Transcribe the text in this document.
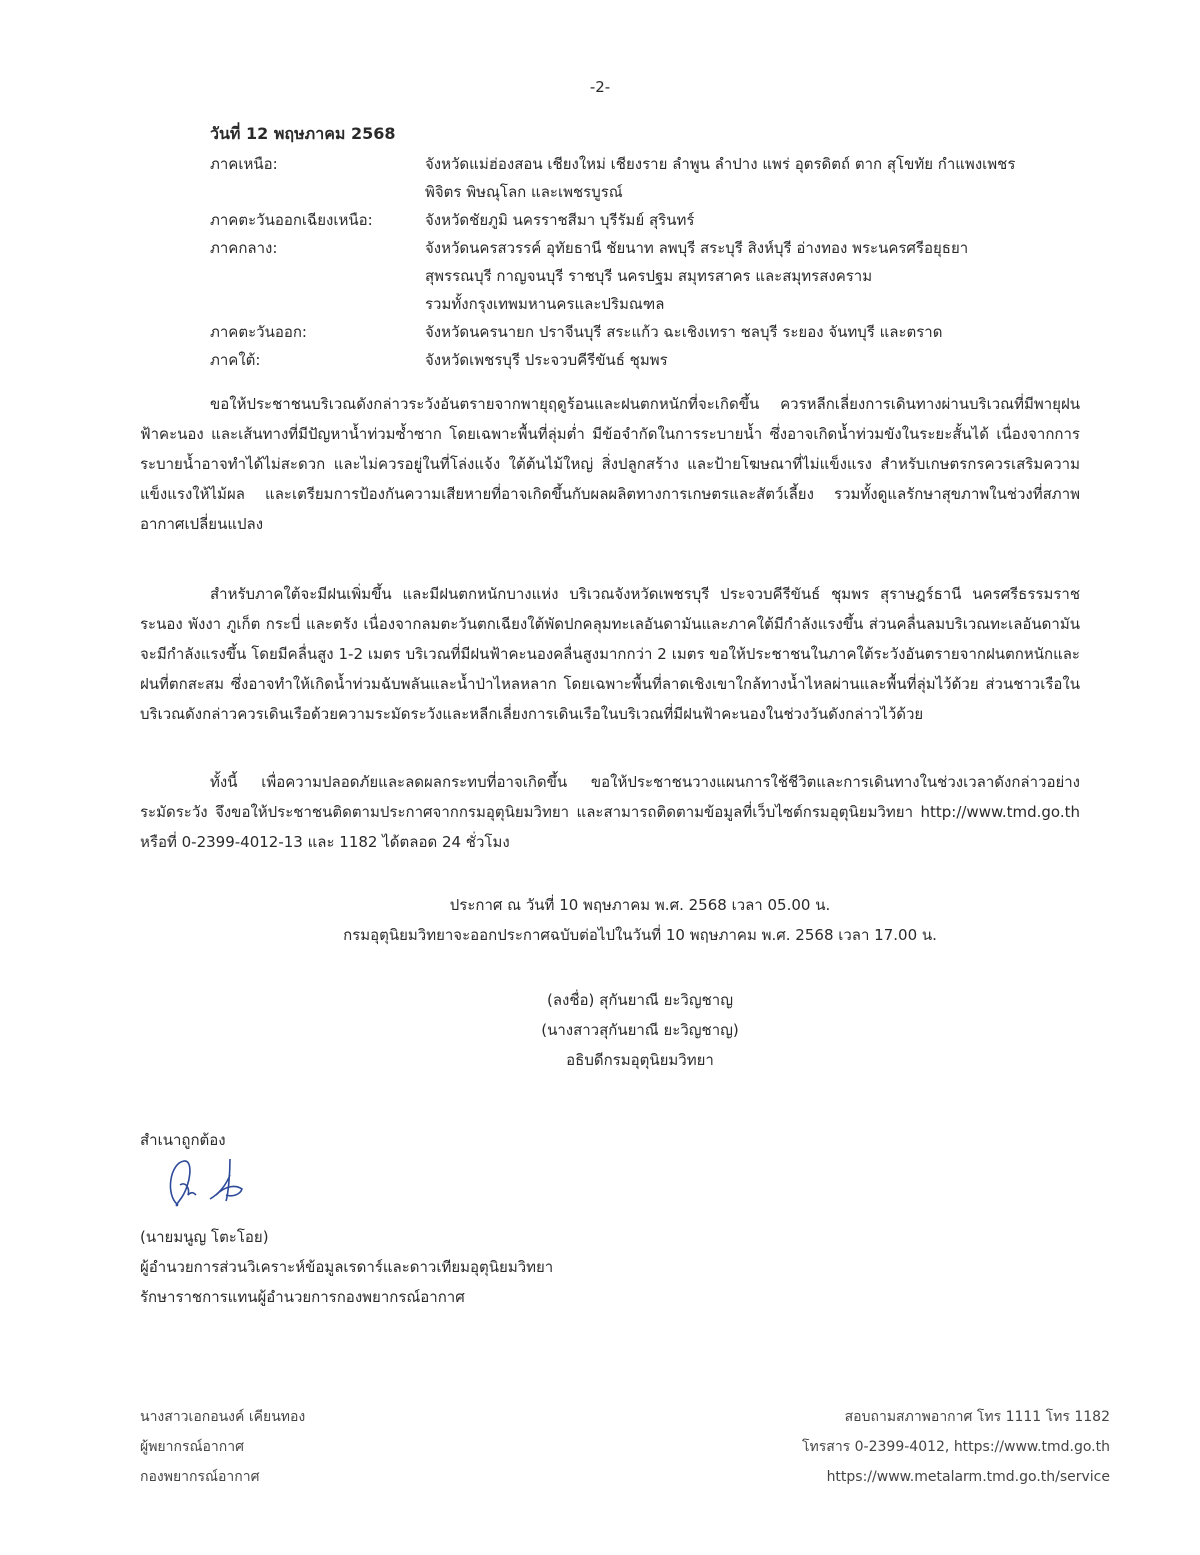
-2-
วันที่ 12 พฤษภาคม 2568
ภาคเหนือ:	จังหวัดแม่ฮ่องสอน เชียงใหม่ เชียงราย ลำพูน ลำปาง แพร่ อุตรดิตถ์ ตาก สุโขทัย กำแพงเพชร
พิจิตร พิษณุโลก และเพชรบูรณ์
ภาคตะวันออกเฉียงเหนือ:	จังหวัดชัยภูมิ นครราชสีมา บุรีรัมย์ สุรินทร์
ภาคกลาง:	จังหวัดนครสวรรค์ อุทัยธานี ชัยนาท ลพบุรี สระบุรี สิงห์บุรี อ่างทอง พระนครศรีอยุธยา
สุพรรณบุรี กาญจนบุรี ราชบุรี นครปฐม สมุทรสาคร และสมุทรสงคราม
รวมทั้งกรุงเทพมหานครและปริมณฑล
ภาคตะวันออก:	จังหวัดนครนายก ปราจีนบุรี สระแก้ว ฉะเชิงเทรา ชลบุรี ระยอง จันทบุรี และตราด
ภาคใต้:	จังหวัดเพชรบุรี ประจวบคีรีขันธ์ ชุมพร

ขอให้ประชาชนบริเวณดังกล่าวระวังอันตรายจากพายุฤดูร้อนและฝนตกหนักที่จะเกิดขึ้น ควรหลีกเลี่ยงการเดินทางผ่านบริเวณที่มีพายุฝนฟ้าคะนอง และเส้นทางที่มีปัญหาน้ำท่วมซ้ำซาก โดยเฉพาะพื้นที่ลุ่มต่ำ มีข้อจำกัดในการระบายน้ำ ซึ่งอาจเกิดน้ำท่วมขังในระยะสั้นได้ เนื่องจากการระบายน้ำอาจทำได้ไม่สะดวก และไม่ควรอยู่ในที่โล่งแจ้ง ใต้ต้นไม้ใหญ่ สิ่งปลูกสร้าง และป้ายโฆษณาที่ไม่แข็งแรง สำหรับเกษตรกรควรเสริมความแข็งแรงให้ไม้ผล และเตรียมการป้องกันความเสียหายที่อาจเกิดขึ้นกับผลผลิตทางการเกษตรและสัตว์เลี้ยง รวมทั้งดูแลรักษาสุขภาพในช่วงที่สภาพอากาศเปลี่ยนแปลง

สำหรับภาคใต้จะมีฝนเพิ่มขึ้น และมีฝนตกหนักบางแห่ง บริเวณจังหวัดเพชรบุรี ประจวบคีรีขันธ์ ชุมพร สุราษฎร์ธานี นครศรีธรรมราช ระนอง พังงา ภูเก็ต กระบี่ และตรัง เนื่องจากลมตะวันตกเฉียงใต้พัดปกคลุมทะเลอันดามันและภาคใต้มีกำลังแรงขึ้น ส่วนคลื่นลมบริเวณทะเลอันดามันจะมีกำลังแรงขึ้น โดยมีคลื่นสูง 1-2 เมตร บริเวณที่มีฝนฟ้าคะนองคลื่นสูงมากกว่า 2 เมตร ขอให้ประชาชนในภาคใต้ระวังอันตรายจากฝนตกหนักและฝนที่ตกสะสม ซึ่งอาจทำให้เกิดน้ำท่วมฉับพลันและน้ำป่าไหลหลาก โดยเฉพาะพื้นที่ลาดเชิงเขาใกล้ทางน้ำไหลผ่านและพื้นที่ลุ่มไว้ด้วย ส่วนชาวเรือในบริเวณดังกล่าวควรเดินเรือด้วยความระมัดระวังและหลีกเลี่ยงการเดินเรือในบริเวณที่มีฝนฟ้าคะนองในช่วงวันดังกล่าวไว้ด้วย

ทั้งนี้ เพื่อความปลอดภัยและลดผลกระทบที่อาจเกิดขึ้น ขอให้ประชาชนวางแผนการใช้ชีวิตและการเดินทางในช่วงเวลาดังกล่าวอย่างระมัดระวัง จึงขอให้ประชาชนติดตามประกาศจากกรมอุตุนิยมวิทยา และสามารถติดตามข้อมูลที่เว็บไซต์กรมอุตุนิยมวิทยา http://www.tmd.go.th หรือที่ 0-2399-4012-13 และ 1182 ได้ตลอด 24 ชั่วโมง

ประกาศ ณ วันที่ 10 พฤษภาคม พ.ศ. 2568 เวลา 05.00 น.
กรมอุตุนิยมวิทยาจะออกประกาศฉบับต่อไปในวันที่ 10 พฤษภาคม พ.ศ. 2568 เวลา 17.00 น.
(ลงชื่อ) สุกันยาณี ยะวิญชาญ
(นางสาวสุกันยาณี ยะวิญชาญ)
อธิบดีกรมอุตุนิยมวิทยา
สำเนาถูกต้อง
(นายมนูญ โตะโอย)
ผู้อำนวยการส่วนวิเคราะห์ข้อมูลเรดาร์และดาวเทียมอุตุนิยมวิทยา
รักษาราชการแทนผู้อำนวยการกองพยากรณ์อากาศ
นางสาวเอกอนงค์ เคียนทอง
ผู้พยากรณ์อากาศ
กองพยากรณ์อากาศ
สอบถามสภาพอากาศ โทร 1111 โทร 1182
โทรสาร 0-2399-4012, https://www.tmd.go.th
https://www.metalarm.tmd.go.th/service
